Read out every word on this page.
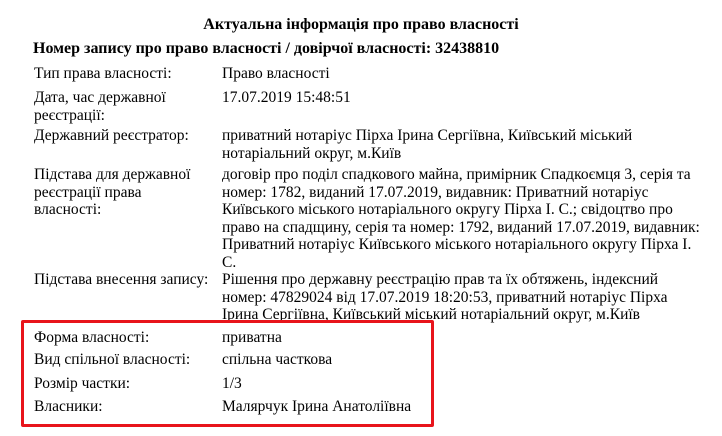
Актуальна інформація про право власності
Номер запису про право власності / довірчої власності: 32438810
Тип права власності:	Право власності
Дата, час державної реєстрації:
17.07.2019 15:48:51
Державний реєстратор:	приватний нотаріус Пірха Ірина Сергіївна, Київський міський нотаріальний округ, м.Київ
Підстава для державної реєстрації права власності:
договір про поділ спадкового майна, примірник Спадкоємця 3, серія та номер: 1782, виданий 17.07.2019, видавник: Приватний нотаріус Київського міського нотаріального округу Пірха І. С.; свідоцтво про право на спадщину, серія та номер: 1792, виданий 17.07.2019, видавник: Приватний нотаріус Київського міського нотаріального округу Пірха І. С.
Підстава внесення запису: Рішення про державну реєстрацію прав та їх обтяжень, індексний номер: 47829024 від 17.07.2019 18:20:53, приватний нотаріус Пірха Ірина Сергіївна, Київський міський нотаріальний округ, м.Київ
Форма власності:	приватна
Вид спільної власності:	спільна часткова
Розмір частки:	1/3
Власники:	Малярчук Ірина Анатоліївна
